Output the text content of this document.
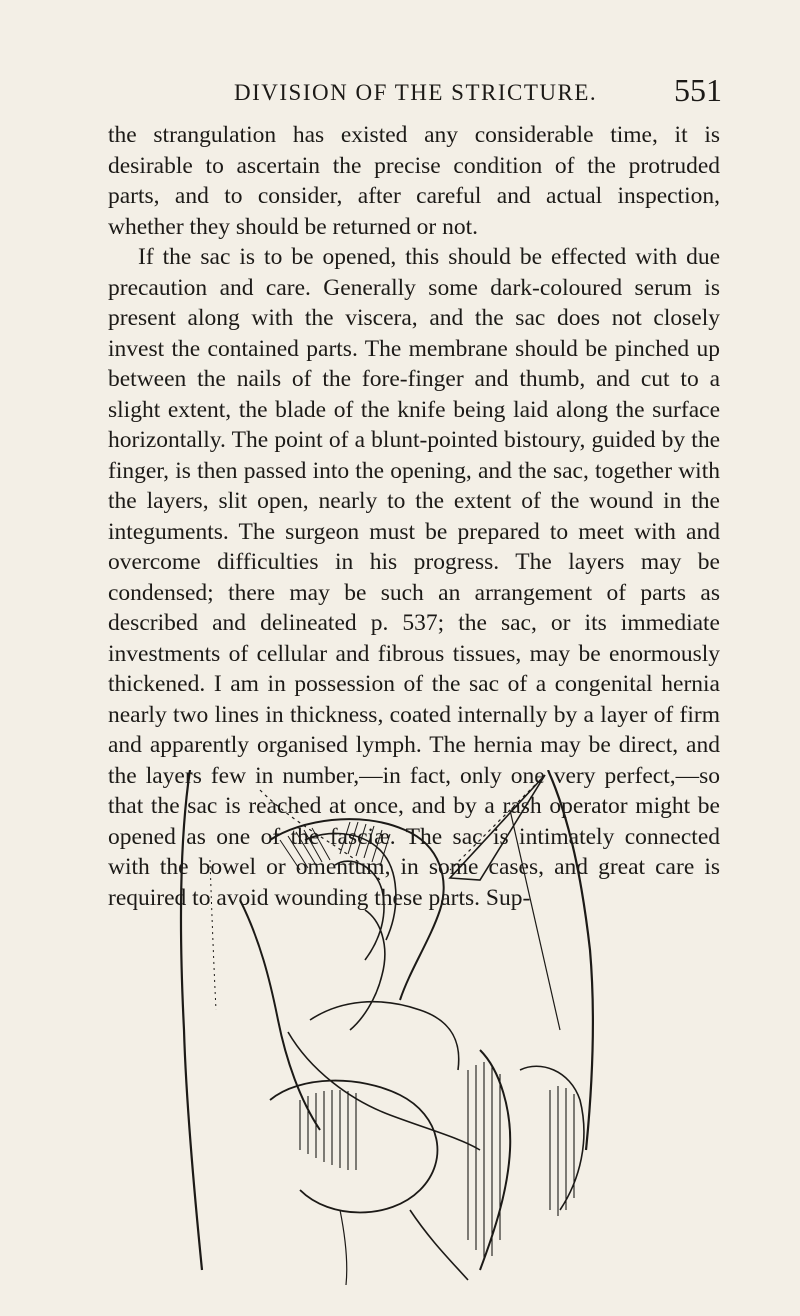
DIVISION OF THE STRICTURE. 551

the strangulation has existed any considerable time, it is desirable to ascertain the precise condition of the protruded parts, and to consider, after careful and actual inspection, whether they should be returned or not.

If the sac is to be opened, this should be effected with due precaution and care. Generally some dark-coloured serum is present along with the viscera, and the sac does not closely invest the contained parts. The membrane should be pinched up between the nails of the fore-finger and thumb, and cut to a slight extent, the blade of the knife being laid along the surface horizontally. The point of a blunt-pointed bistoury, guided by the finger, is then passed into the opening, and the sac, together with the layers, slit open, nearly to the extent of the wound in the integuments. The surgeon must be prepared to meet with and overcome difficulties in his progress. The layers may be condensed; there may be such an arrangement of parts as described and delineated p. 537; the sac, or its immediate investments of cellular and fibrous tissues, may be enormously thickened. I am in possession of the sac of a congenital hernia nearly two lines in thickness, coated internally by a layer of firm and apparently organised lymph. The hernia may be direct, and the layers few in number,—in fact, only one very perfect,—so that the sac is reached at once, and by a rash operator might be opened as one of the fasciæ. The sac is intimately connected with the bowel or omentum, in some cases, and great care is required to avoid wounding these parts. Sup-
